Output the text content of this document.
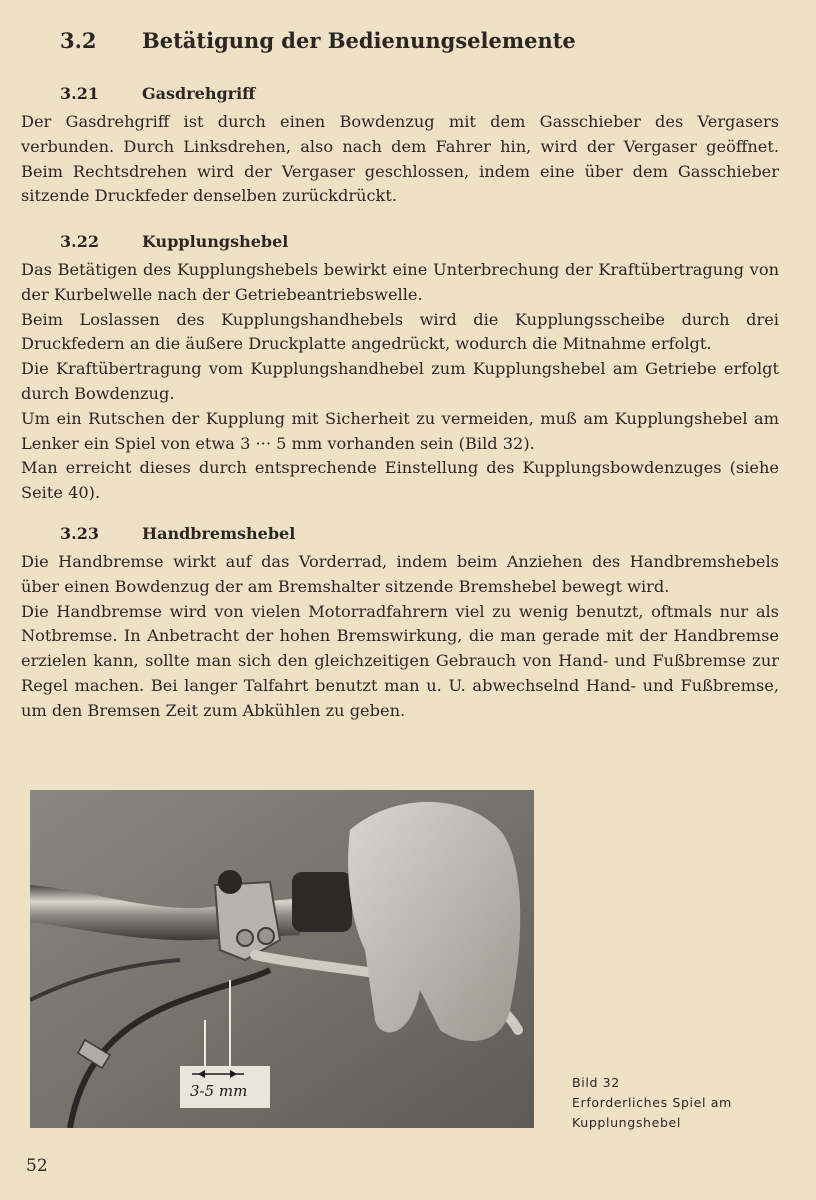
3.2 Betätigung der Bedienungselemente
3.21	Gasdrehgriff

Der Gasdrehgriff ist durch einen Bowdenzug mit dem Gasschieber des Vergasers verbunden. Durch Linksdrehen, also nach dem Fahrer hin, wird der Vergaser geöffnet. Beim Rechtsdrehen wird der Vergaser geschlossen, indem eine über dem Gasschieber sitzende Druckfeder denselben zurückdrückt.

3.22	Kupplungshebel

Das Betätigen des Kupplungshebels bewirkt eine Unterbrechung der Kraftübertragung von der Kurbelwelle nach der Getriebeantriebswelle.

Beim Loslassen des Kupplungshandhebels wird die Kupplungsscheibe durch drei Druckfedern an die äußere Druckplatte angedrückt, wodurch die Mitnahme erfolgt.

Die Kraftübertragung vom Kupplungshandhebel zum Kupplungshebel am Getriebe erfolgt durch Bowdenzug.

Um ein Rutschen der Kupplung mit Sicherheit zu vermeiden, muß am Kupplungshebel am Lenker ein Spiel von etwa 3 ··· 5 mm vorhanden sein (Bild 32).

Man erreicht dieses durch entsprechende Einstellung des Kupplungsbowdenzuges (siehe Seite 40).

3.23	Handbremshebel

Die Handbremse wirkt auf das Vorderrad, indem beim Anziehen des Handbremshebels über einen Bowdenzug der am Bremshalter sitzende Bremshebel bewegt wird.

Die Handbremse wird von vielen Motorradfahrern viel zu wenig benutzt, oftmals nur als Notbremse. In Anbetracht der hohen Bremswirkung, die man gerade mit der Handbremse erzielen kann, sollte man sich den gleichzeitigen Gebrauch von Hand- und Fußbremse zur Regel machen. Bei langer Talfahrt benutzt man u. U. abwechselnd Hand- und Fußbremse, um den Bremsen Zeit zum Abkühlen zu geben.

3-5 mm	Bild 32
Erforderliches Spiel am
Kupplungshebel
52
